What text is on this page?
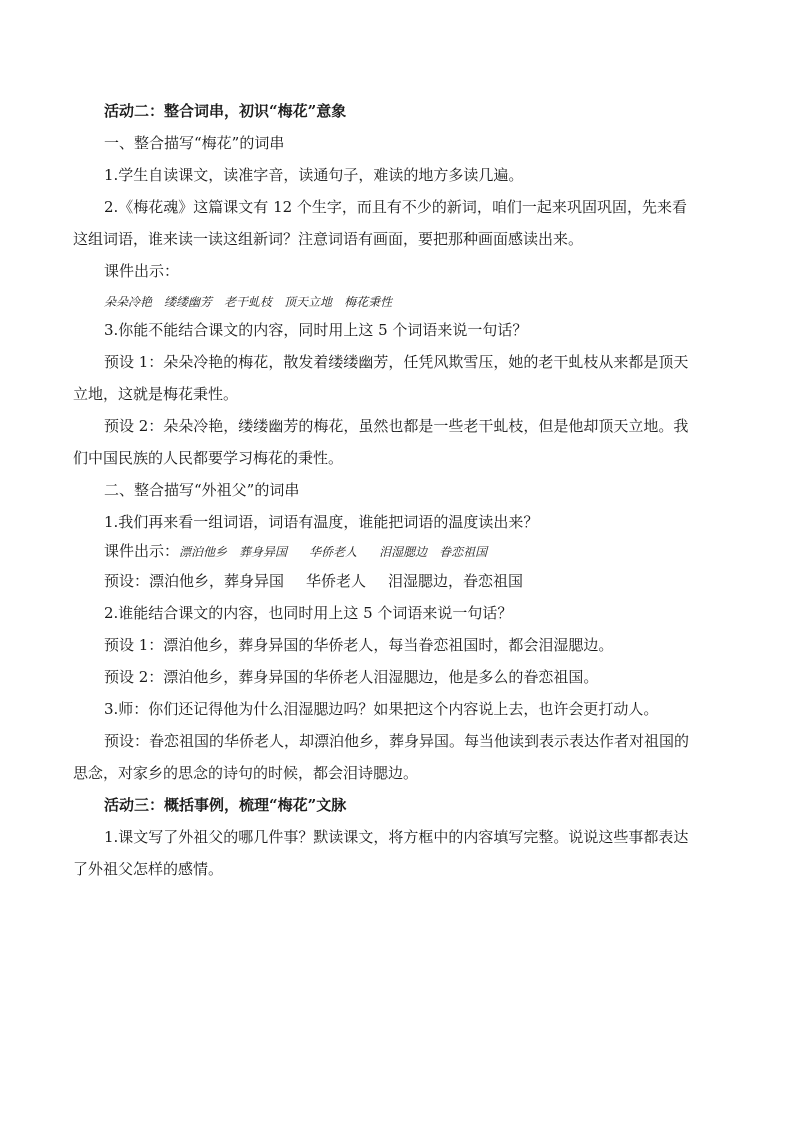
活动二：整合词串，初识“梅花”意象
一、整合描写“梅花”的词串
1.学生自读课文，读准字音，读通句子，难读的地方多读几遍。
2.《梅花魂》这篇课文有 12 个生字，而且有不少的新词，咱们一起来巩固巩固，先来看
这组词语，谁来读一读这组新词？注意词语有画面，要把那种画面感读出来。
课件出示：
朵朵冷艳 缕缕幽芳 老干虬枝 顶天立地 梅花秉性
3.你能不能结合课文的内容，同时用上这 5 个词语来说一句话？
预设 1：朵朵冷艳的梅花，散发着缕缕幽芳，任凭风欺雪压，她的老干虬枝从来都是顶天
立地，这就是梅花秉性。
预设 2：朵朵冷艳，缕缕幽芳的梅花，虽然也都是一些老干虬枝，但是他却顶天立地。我
们中国民族的人民都要学习梅花的秉性。
二、整合描写“外祖父”的词串
1.我们再来看一组词语，词语有温度，谁能把词语的温度读出来？
课件出示：漂泊他乡 葬身异国 华侨老人 泪湿腮边 眷恋祖国
预设：漂泊他乡，葬身异国 华侨老人 泪湿腮边，眷恋祖国
2.谁能结合课文的内容，也同时用上这 5 个词语来说一句话？
预设 1：漂泊他乡，葬身异国的华侨老人，每当眷恋祖国时，都会泪湿腮边。
预设 2：漂泊他乡，葬身异国的华侨老人泪湿腮边，他是多么的眷恋祖国。
3.师：你们还记得他为什么泪湿腮边吗？如果把这个内容说上去，也许会更打动人。
预设：眷恋祖国的华侨老人，却漂泊他乡，葬身异国。每当他读到表示表达作者对祖国的
思念，对家乡的思念的诗句的时候，都会泪诗腮边。
活动三：概括事例，梳理“梅花”文脉
1.课文写了外祖父的哪几件事？默读课文，将方框中的内容填写完整。说说这些事都表达
了外祖父怎样的感情。
